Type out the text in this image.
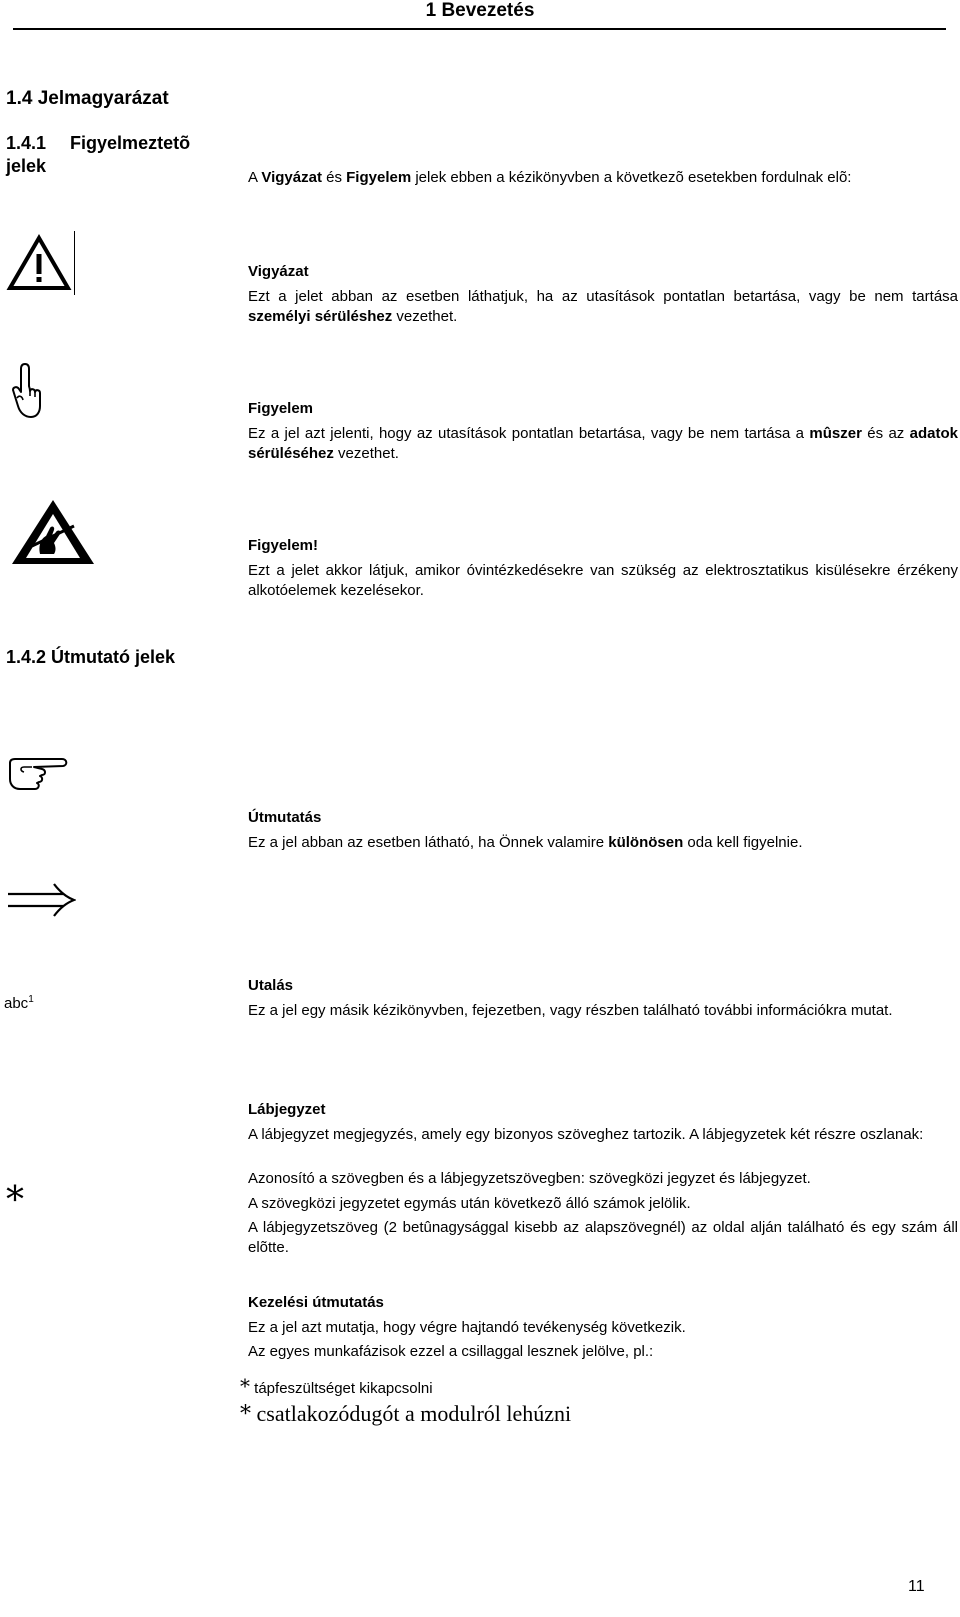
1 Bevezetés
1.4 Jelmagyarázat
1.4.1 Figyelmeztetõ
jelek
A Vigyázat és Figyelem jelek ebben a kézikönyvben a következõ esetekben fordulnak elõ:
Vigyázat
Ezt a jelet abban az esetben láthatjuk, ha az utasítások pontatlan betartása, vagy be nem tartása személyi sérüléshez vezethet.
Figyelem
Ez a jel azt jelenti, hogy az utasítások pontatlan betartása, vagy be nem tartása a mûszer és az adatok sérüléséhez vezethet.
Figyelem!
Ezt a jelet akkor látjuk, amikor óvintézkedésekre van szükség az elektrosztatikus kisülésekre érzékeny alkotóelemek kezelésekor.
1.4.2 Útmutató jelek
Útmutatás
Ez a jel abban az esetben látható, ha Önnek valamire különösen oda kell figyelnie.
abc$^1$
Utalás
Ez a jel egy másik kézikönyvben, fejezetben, vagy részben található további információkra mutat.
Lábjegyzet
A lábjegyzet megjegyzés, amely egy bizonyos szöveghez tartozik. A lábjegyzetek két részre oszlanak:
Azonosító a szövegben és a lábjegyzetszövegben: szövegközi jegyzet és lábjegyzet.
A szövegközi jegyzetet egymás után következõ álló számok jelölik.
A lábjegyzetszöveg (2 betûnagysággal kisebb az alapszövegnél) az oldal alján található és egy szám áll elõtte.
*
Kezelési útmutatás
Ez a jel azt mutatja, hogy végre hajtandó tevékenység következik.
Az egyes munkafázisok ezzel a csillaggal lesznek jelölve, pl.:
* tápfeszültséget kikapcsolni
* csatlakozódugót a modulról lehúzni
11
